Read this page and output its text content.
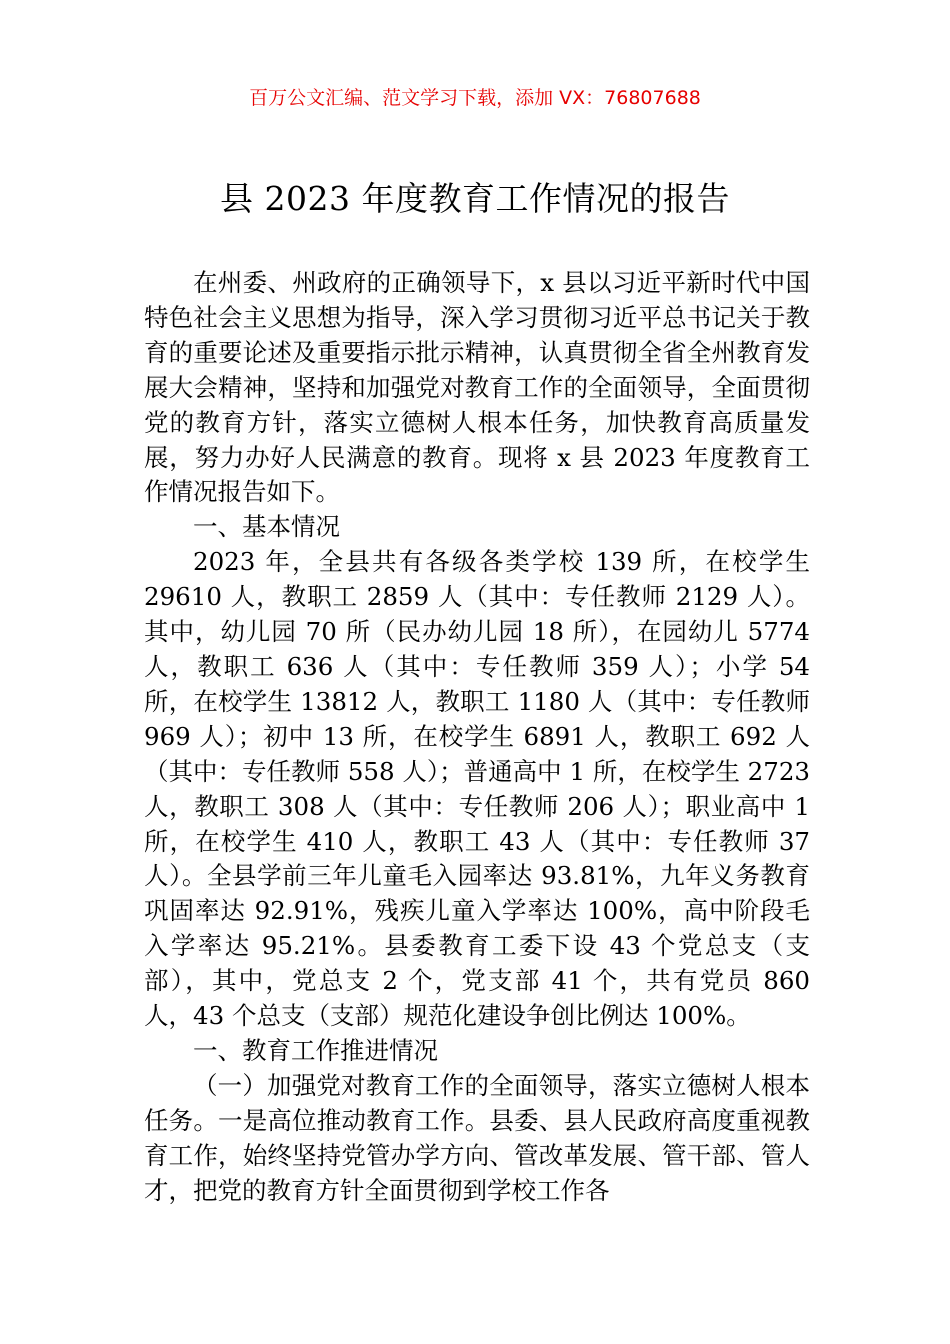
百万公文汇编、范文学习下载，添加 VX：76807688
县 2023 年度教育工作情况的报告

在州委、州政府的正确领导下，x 县以习近平新时代中国特色社会主义思想为指导，深入学习贯彻习近平总书记关于教育的重要论述及重要指示批示精神，认真贯彻全省全州教育发展大会精神，坚持和加强党对教育工作的全面领导，全面贯彻党的教育方针，落实立德树人根本任务，加快教育高质量发展，努力办好人民满意的教育。现将 x 县 2023 年度教育工作情况报告如下。

一、基本情况

2023 年，全县共有各级各类学校 139 所，在校学生 29610 人，教职工 2859 人（其中：专任教师 2129 人）。其中，幼儿园 70 所（民办幼儿园 18 所），在园幼儿 5774 人，教职工 636 人（其中：专任教师 359 人）；小学 54 所，在校学生 13812 人，教职工 1180 人（其中：专任教师 969 人）；初中 13 所，在校学生 6891 人，教职工 692 人（其中：专任教师 558 人）；普通高中 1 所，在校学生 2723 人，教职工 308 人（其中：专任教师 206 人）；职业高中 1 所，在校学生 410 人，教职工 43 人（其中：专任教师 37 人）。全县学前三年儿童毛入园率达 93.81%，九年义务教育巩固率达 92.91%，残疾儿童入学率达 100%，高中阶段毛入学率达 95.21%。县委教育工委下设 43 个党总支（支部），其中，党总支 2 个，党支部 41 个，共有党员 860 人，43 个总支（支部）规范化建设争创比例达 100%。

一、教育工作推进情况

（一）加强党对教育工作的全面领导，落实立德树人根本任务。一是高位推动教育工作。县委、县人民政府高度重视教育工作，始终坚持党管办学方向、管改革发展、管干部、管人才，把党的教育方针全面贯彻到学校工作各
